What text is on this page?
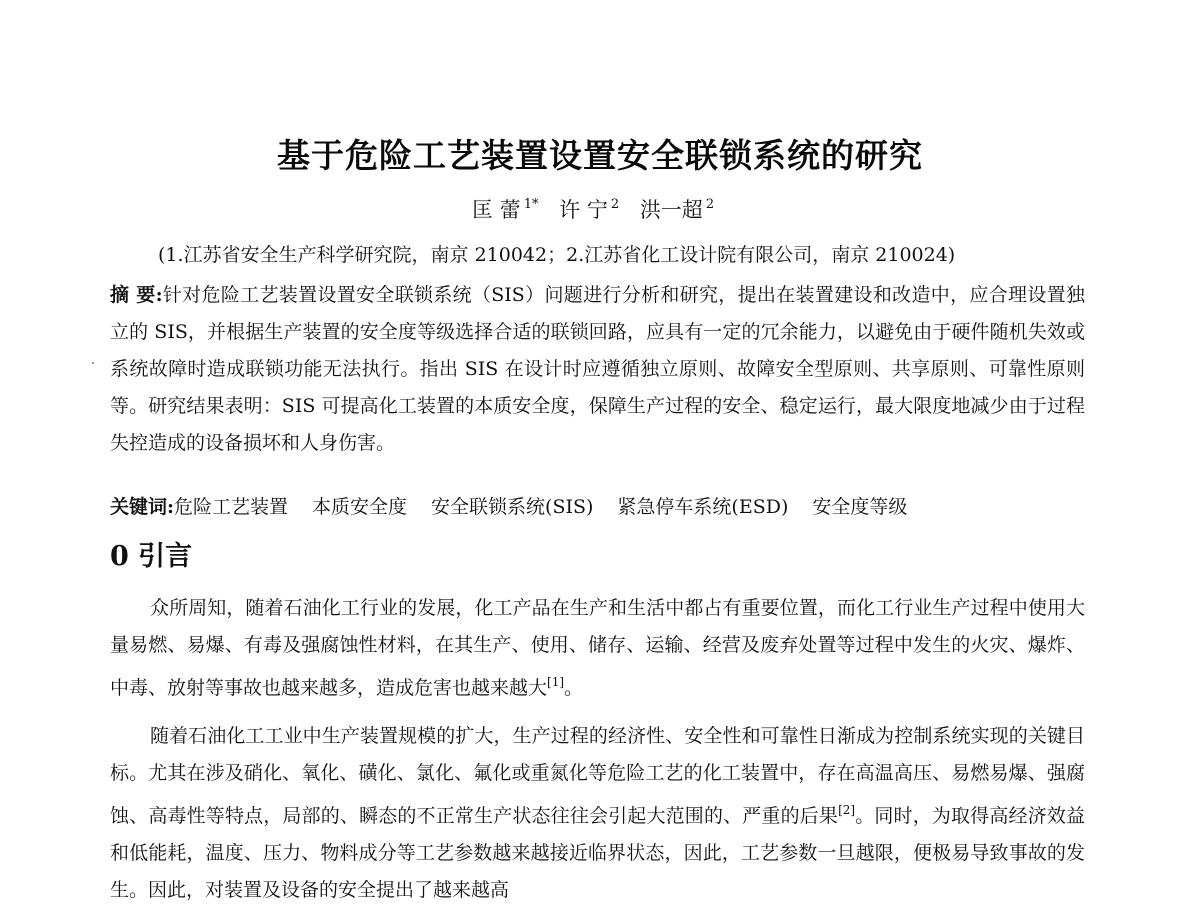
基于危险工艺装置设置安全联锁系统的研究
匡 蕾 $^{1*}$ 许 宁 $^2$ 洪一超 $^2$
(1.江苏省安全生产科学研究院，南京 210042；2.江苏省化工设计院有限公司，南京 210024)
摘 要:针对危险工艺装置设置安全联锁系统（SIS）问题进行分析和研究，提出在装置建设和改造中，应合理设置独立的 SIS，并根据生产装置的安全度等级选择合适的联锁回路，应具有一定的冗余能力，以避免由于硬件随机失效或系统故障时造成联锁功能无法执行。指出 SIS 在设计时应遵循独立原则、故障安全型原则、共享原则、可靠性原则等。研究结果表明：SIS 可提高化工装置的本质安全度，保障生产过程的安全、稳定运行，最大限度地减少由于过程失控造成的设备损坏和人身伤害。
关键词:危险工艺装置 本质安全度 安全联锁系统(SIS) 紧急停车系统(ESD) 安全度等级
0 引言
众所周知，随着石油化工行业的发展，化工产品在生产和生活中都占有重要位置，而化工行业生产过程中使用大量易燃、易爆、有毒及强腐蚀性材料，在其生产、使用、储存、运输、经营及废弃处置等过程中发生的火灾、爆炸、中毒、放射等事故也越来越多，造成危害也越来越大[1]。
随着石油化工工业中生产装置规模的扩大，生产过程的经济性、安全性和可靠性日渐成为控制系统实现的关键目标。尤其在涉及硝化、氧化、磺化、氯化、氟化或重氮化等危险工艺的化工装置中，存在高温高压、易燃易爆、强腐蚀、高毒性等特点，局部的、瞬态的不正常生产状态往往会引起大范围的、严重的后果[2]。同时，为取得高经济效益和低能耗，温度、压力、物料成分等工艺参数越来越接近临界状态，因此，工艺参数一旦越限，便极易导致事故的发生。因此，对装置及设备的安全提出了越来越高
